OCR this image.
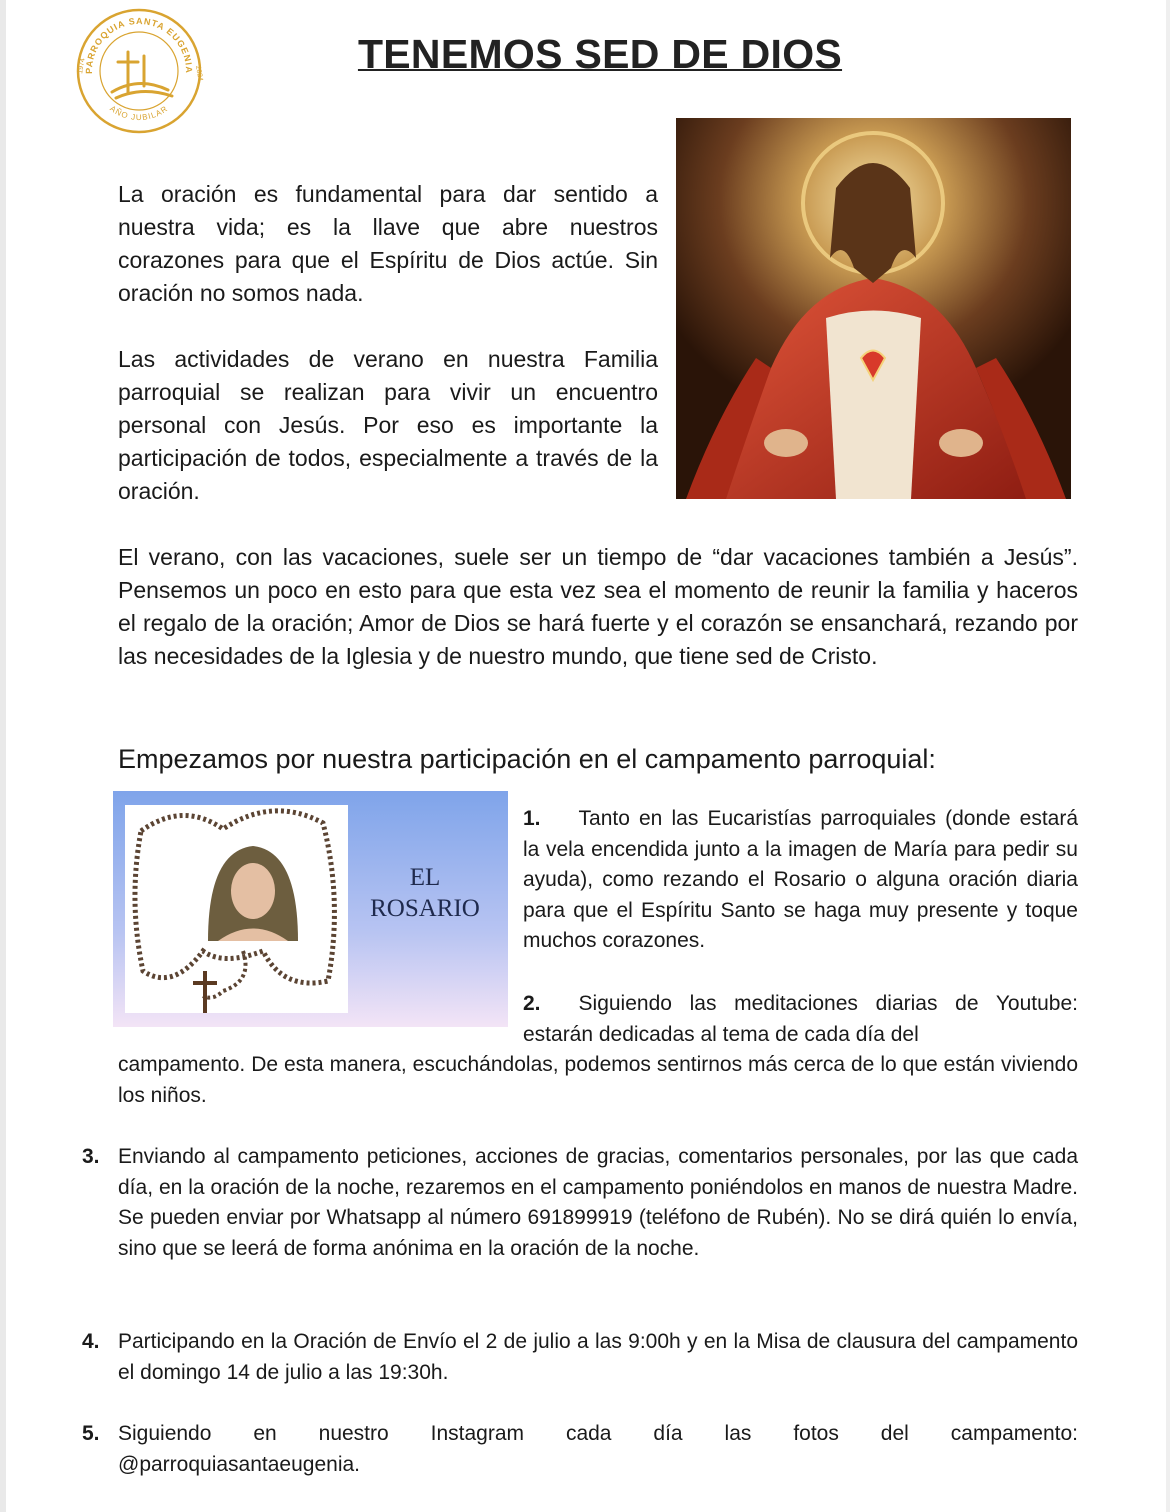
PARROQUIA SANTA EUGENIA
AÑO JUBILAR
1974	2024	TENEMOS SED DE DIOS

La oración es fundamental para dar sentido a nuestra vida; es la llave que abre nuestros corazones para que el Espíritu de Dios actúe. Sin oración no somos nada.

Las actividades de verano en nuestra Familia parroquial se realizan para vivir un encuentro personal con Jesús. Por eso es importante la participación de todos, especialmente a través de la oración.

El verano, con las vacaciones, suele ser un tiempo de “dar vacaciones también a Jesús”. Pensemos un poco en esto para que esta vez sea el momento de reunir la familia y haceros el regalo de la oración; Amor de Dios se hará fuerte y el corazón se ensanchará, rezando por las necesidades de la Iglesia y de nuestro mundo, que tiene sed de Cristo.

Empezamos por nuestra participación en el campamento parroquial:
EL
ROSARIO

1. Tanto en las Eucaristías parroquiales (donde estará la vela encendida junto a la imagen de María para pedir su ayuda), como rezando el Rosario o alguna oración diaria para que el Espíritu Santo se haga muy presente y toque muchos corazones.

2. Siguiendo las meditaciones diarias de Youtube: estarán dedicadas al tema de cada día del

campamento. De esta manera, escuchándolas, podemos sentirnos más cerca de lo que están viviendo los niños.

3. Enviando al campamento peticiones, acciones de gracias, comentarios personales, por las que cada día, en la oración de la noche, rezaremos en el campamento poniéndolos en manos de nuestra Madre. Se pueden enviar por Whatsapp al número 691899919 (teléfono de Rubén). No se dirá quién lo envía, sino que se leerá de forma anónima en la oración de la noche.

4. Participando en la Oración de Envío el 2 de julio a las 9:00h y en la Misa de clausura del campamento el domingo 14 de julio a las 19:30h.

5. Siguiendo en nuestro Instagram cada día las fotos del campamento:

@parroquiasantaeugenia.
